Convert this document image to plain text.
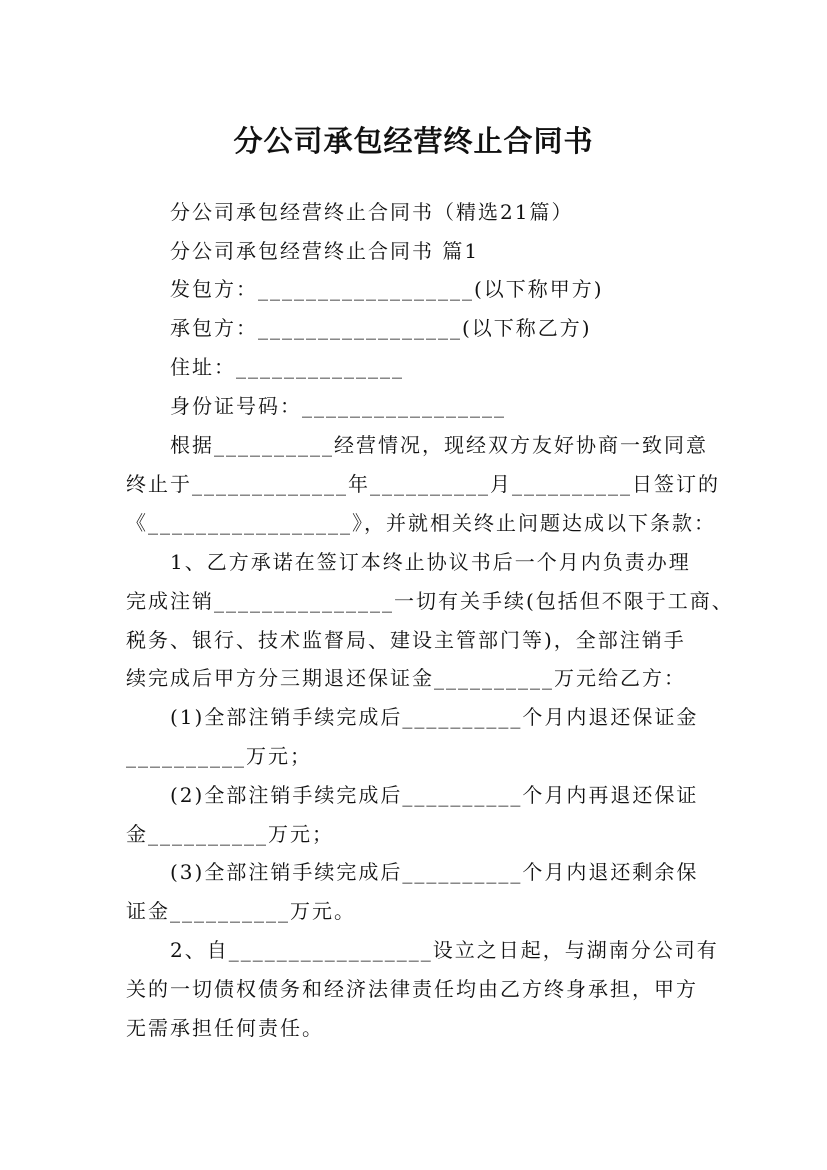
分公司承包经营终止合同书

分公司承包经营终止合同书（精选21篇）

分公司承包经营终止合同书 篇1

发包方：__________________(以下称甲方)

承包方：_________________(以下称乙方)

住址：______________

身份证号码：_________________

根据__________经营情况，现经双方友好协商一致同意

终止于_____________年__________月__________日签订的

《_________________》，并就相关终止问题达成以下条款：

1、乙方承诺在签订本终止协议书后一个月内负责办理

完成注销_______________一切有关手续(包括但不限于工商、

税务、银行、技术监督局、建设主管部门等)，全部注销手

续完成后甲方分三期退还保证金__________万元给乙方：

(1)全部注销手续完成后__________个月内退还保证金

__________万元；

(2)全部注销手续完成后__________个月内再退还保证

金__________万元；

(3)全部注销手续完成后__________个月内退还剩余保

证金__________万元。

2、自_________________设立之日起，与湖南分公司有

关的一切债权债务和经济法律责任均由乙方终身承担，甲方

无需承担任何责任。
